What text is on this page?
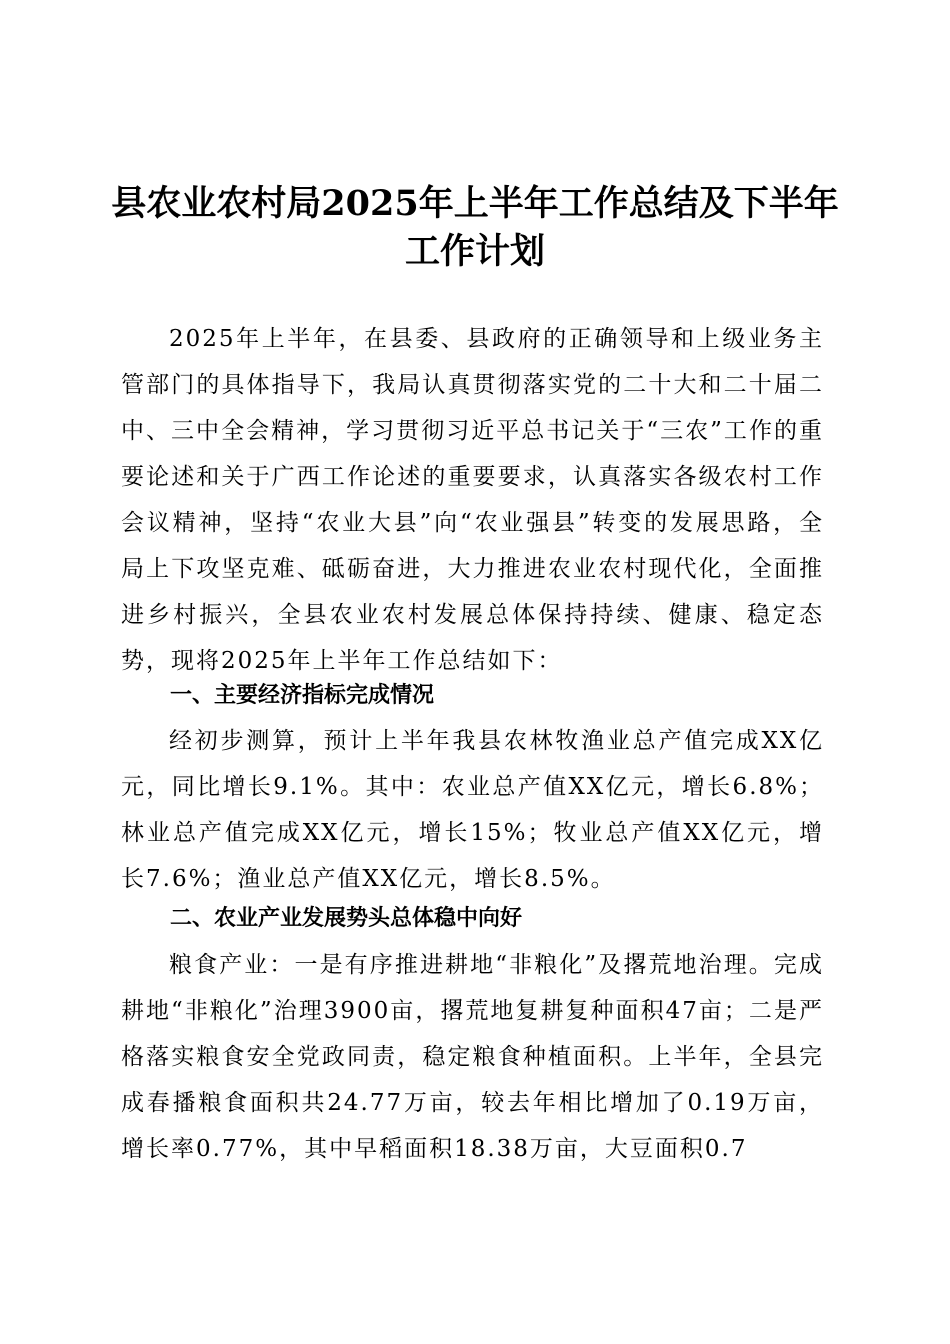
县农业农村局2025年上半年工作总结及下半年工作计划

2025年上半年，在县委、县政府的正确领导和上级业务主管部门的具体指导下，我局认真贯彻落实党的二十大和二十届二中、三中全会精神，学习贯彻习近平总书记关于“三农”工作的重要论述和关于广西工作论述的重要要求，认真落实各级农村工作会议精神，坚持“农业大县”向“农业强县”转变的发展思路，全局上下攻坚克难、砥砺奋进，大力推进农业农村现代化，全面推进乡村振兴，全县农业农村发展总体保持持续、健康、稳定态势，现将2025年上半年工作总结如下：

一、主要经济指标完成情况

经初步测算，预计上半年我县农林牧渔业总产值完成XX亿元，同比增长9.1%。其中：农业总产值XX亿元，增长6.8%；林业总产值完成XX亿元，增长15%；牧业总产值XX亿元，增长7.6%；渔业总产值XX亿元，增长8.5%。

二、农业产业发展势头总体稳中向好

粮食产业：一是有序推进耕地“非粮化”及撂荒地治理。完成耕地“非粮化”治理3900亩，撂荒地复耕复种面积47亩；二是严格落实粮食安全党政同责，稳定粮食种植面积。上半年，全县完成春播粮食面积共24.77万亩，较去年相比增加了0.19万亩，增长率0.77%，其中早稻面积18.38万亩，大豆面积0.7
